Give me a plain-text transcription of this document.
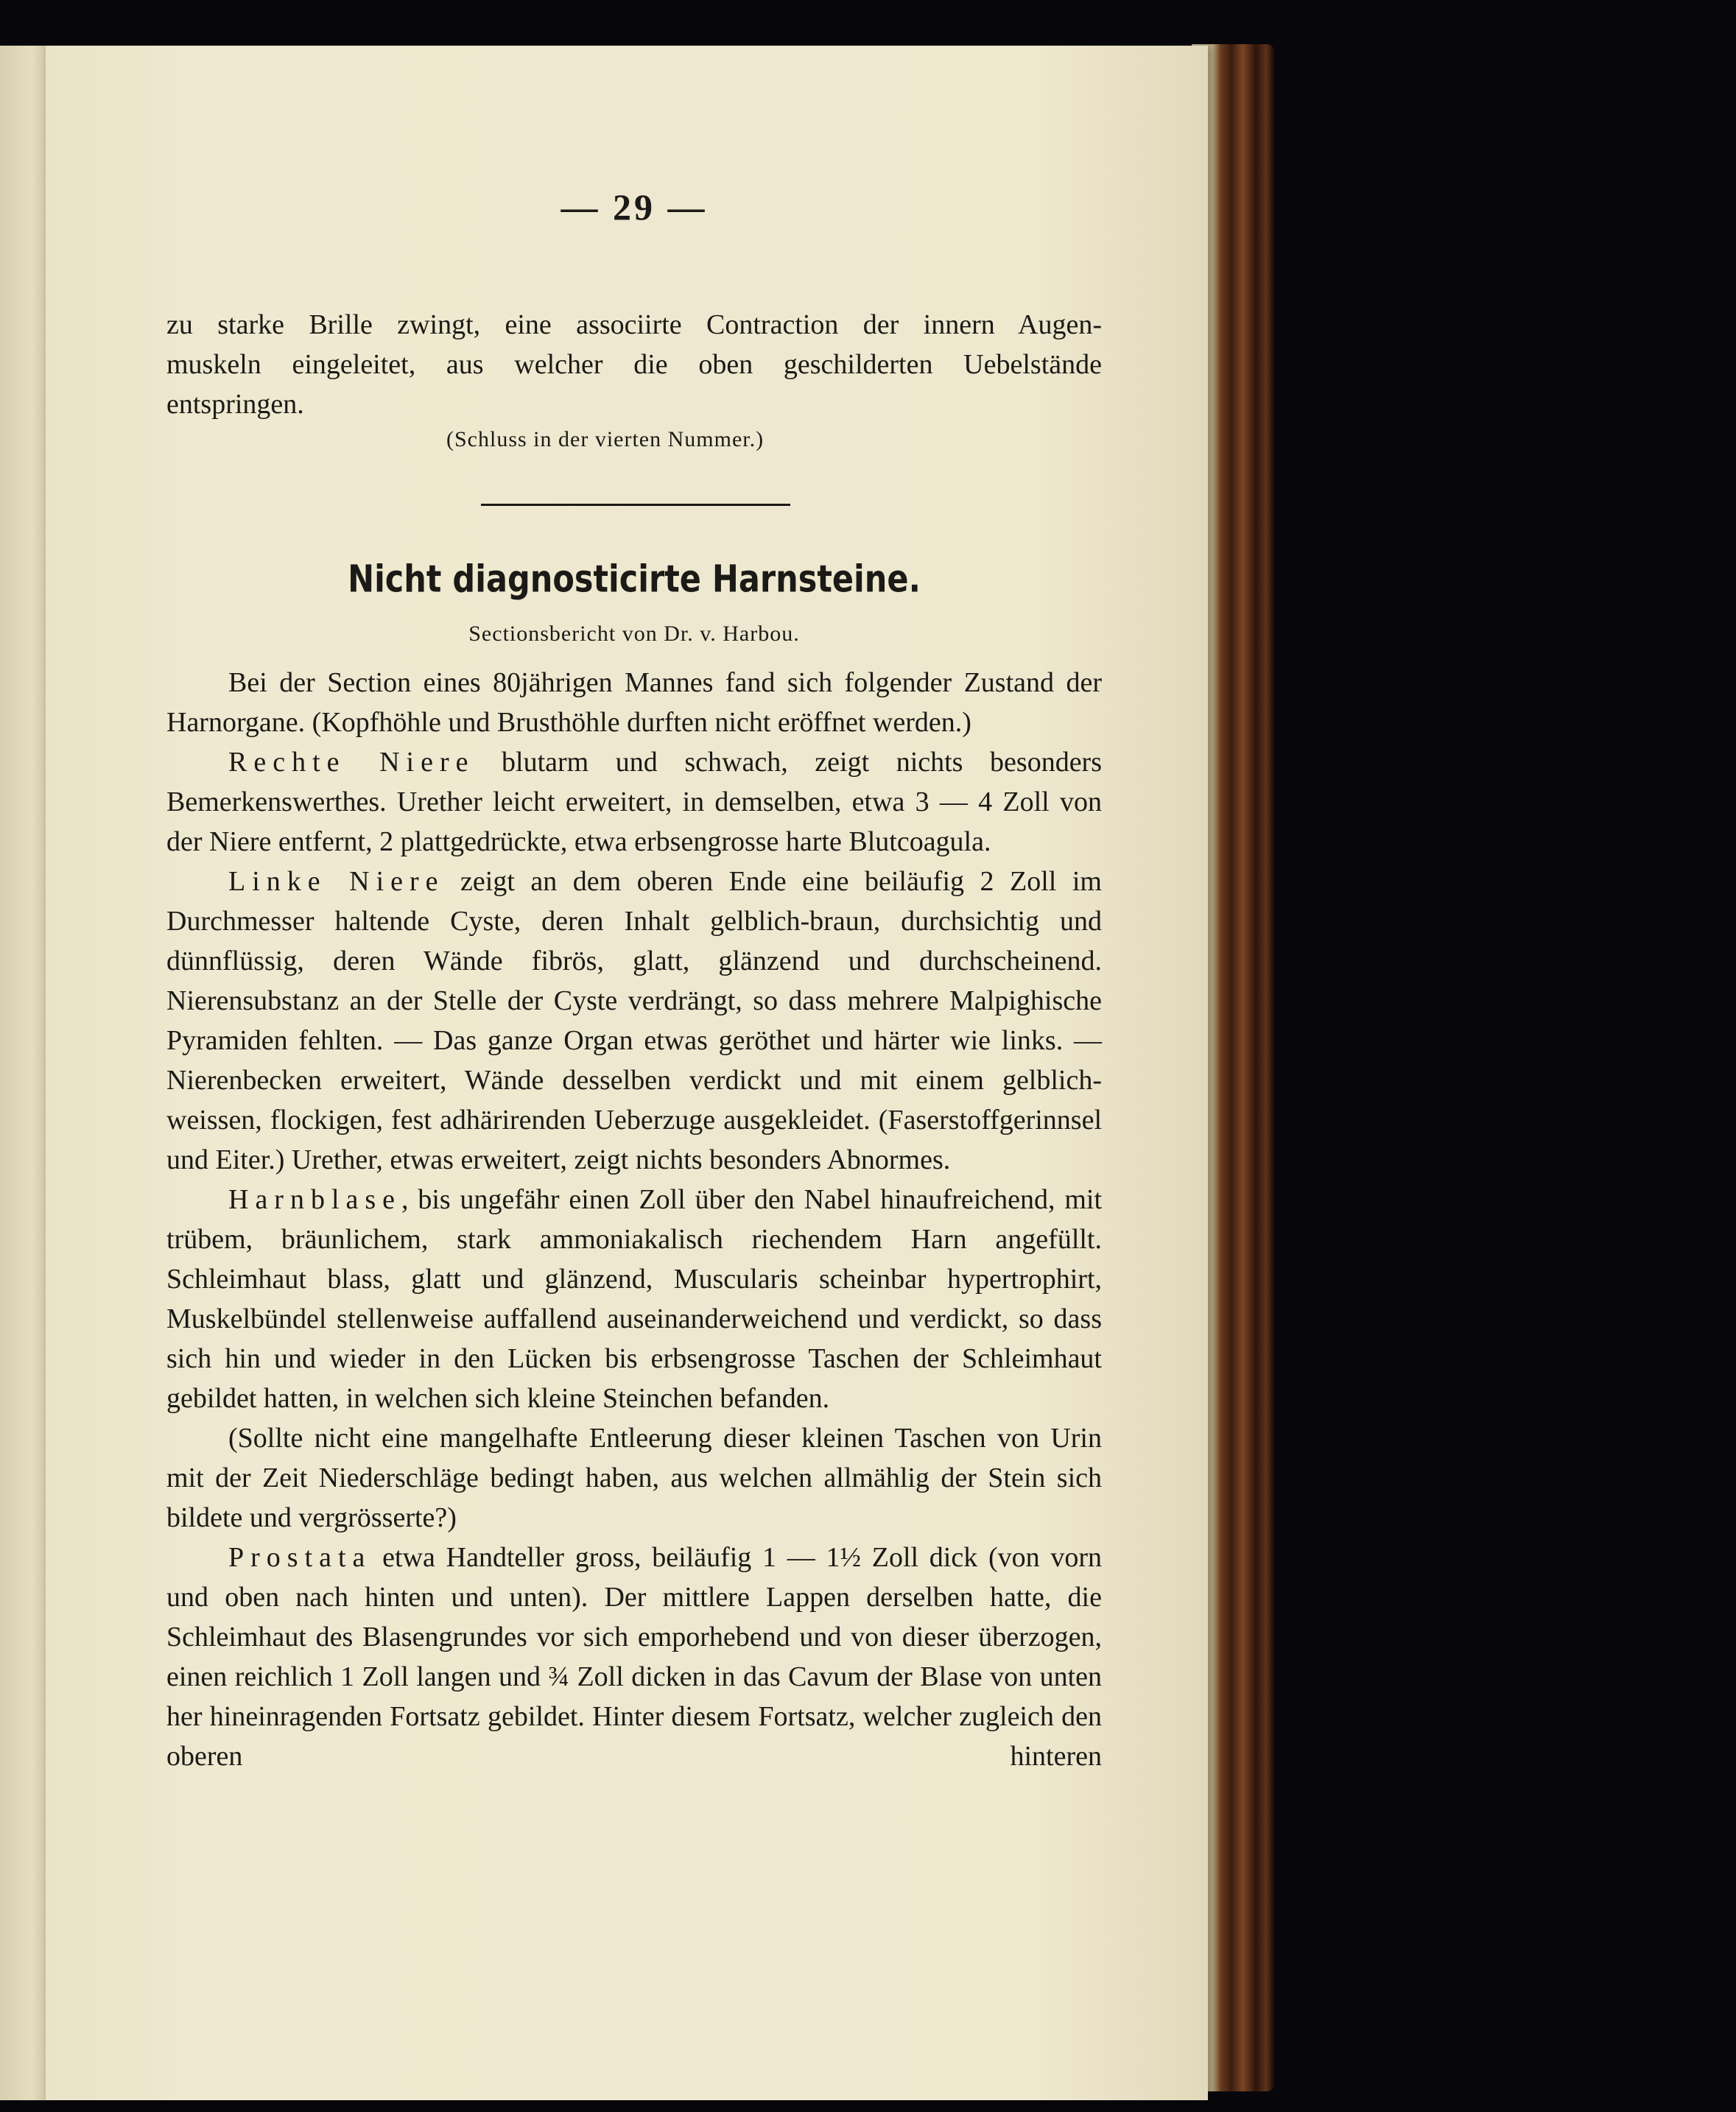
— 29 —

zu starke Brille zwingt, eine associirte Contraction der innern Augen-

muskeln eingeleitet, aus welcher die oben geschilderten Uebelstände

entspringen.

(Schluss in der vierten Nummer.)
Nicht diagnosticirte Harnsteine.
Sectionsbericht von Dr. v. Harbou.

Bei der Section eines 80jährigen Mannes fand sich folgender Zustand der Harnorgane. (Kopfhöhle und Brusthöhle durften nicht eröffnet werden.)

Rechte Niere blutarm und schwach, zeigt nichts besonders Bemerkenswerthes. Urether leicht erweitert, in demselben, etwa 3 — 4 Zoll von der Niere entfernt, 2 plattgedrückte, etwa erbsengrosse harte Blutcoagula.

Linke Niere zeigt an dem oberen Ende eine beiläufig 2 Zoll im Durchmesser haltende Cyste, deren Inhalt gelblich-braun, durchsichtig und dünnflüssig, deren Wände fibrös, glatt, glänzend und durchscheinend. Nierensubstanz an der Stelle der Cyste verdrängt, so dass mehrere Malpighische Pyramiden fehlten. — Das ganze Organ etwas geröthet und härter wie links. — Nierenbecken erweitert, Wände desselben verdickt und mit einem gelblich-weissen, flockigen, fest adhärirenden Ueberzuge ausgekleidet. (Faserstoffgerinnsel und Eiter.) Urether, etwas erweitert, zeigt nichts besonders Abnormes.

Harnblase, bis ungefähr einen Zoll über den Nabel hinaufreichend, mit trübem, bräunlichem, stark ammoniakalisch riechendem Harn angefüllt. Schleimhaut blass, glatt und glänzend, Muscularis scheinbar hypertrophirt, Muskelbündel stellenweise auffallend auseinanderweichend und verdickt, so dass sich hin und wieder in den Lücken bis erbsengrosse Taschen der Schleimhaut gebildet hatten, in welchen sich kleine Steinchen befanden.

(Sollte nicht eine mangelhafte Entleerung dieser kleinen Taschen von Urin mit der Zeit Niederschläge bedingt haben, aus welchen allmählig der Stein sich bildete und vergrösserte?)

Prostata etwa Handteller gross, beiläufig 1 — 1½ Zoll dick (von vorn und oben nach hinten und unten). Der mittlere Lappen derselben hatte, die Schleimhaut des Blasengrundes vor sich emporhebend und von dieser überzogen, einen reichlich 1 Zoll langen und ¾ Zoll dicken in das Cavum der Blase von unten her hineinragenden Fortsatz gebildet. Hinter diesem Fortsatz, welcher zugleich den oberen hinteren
